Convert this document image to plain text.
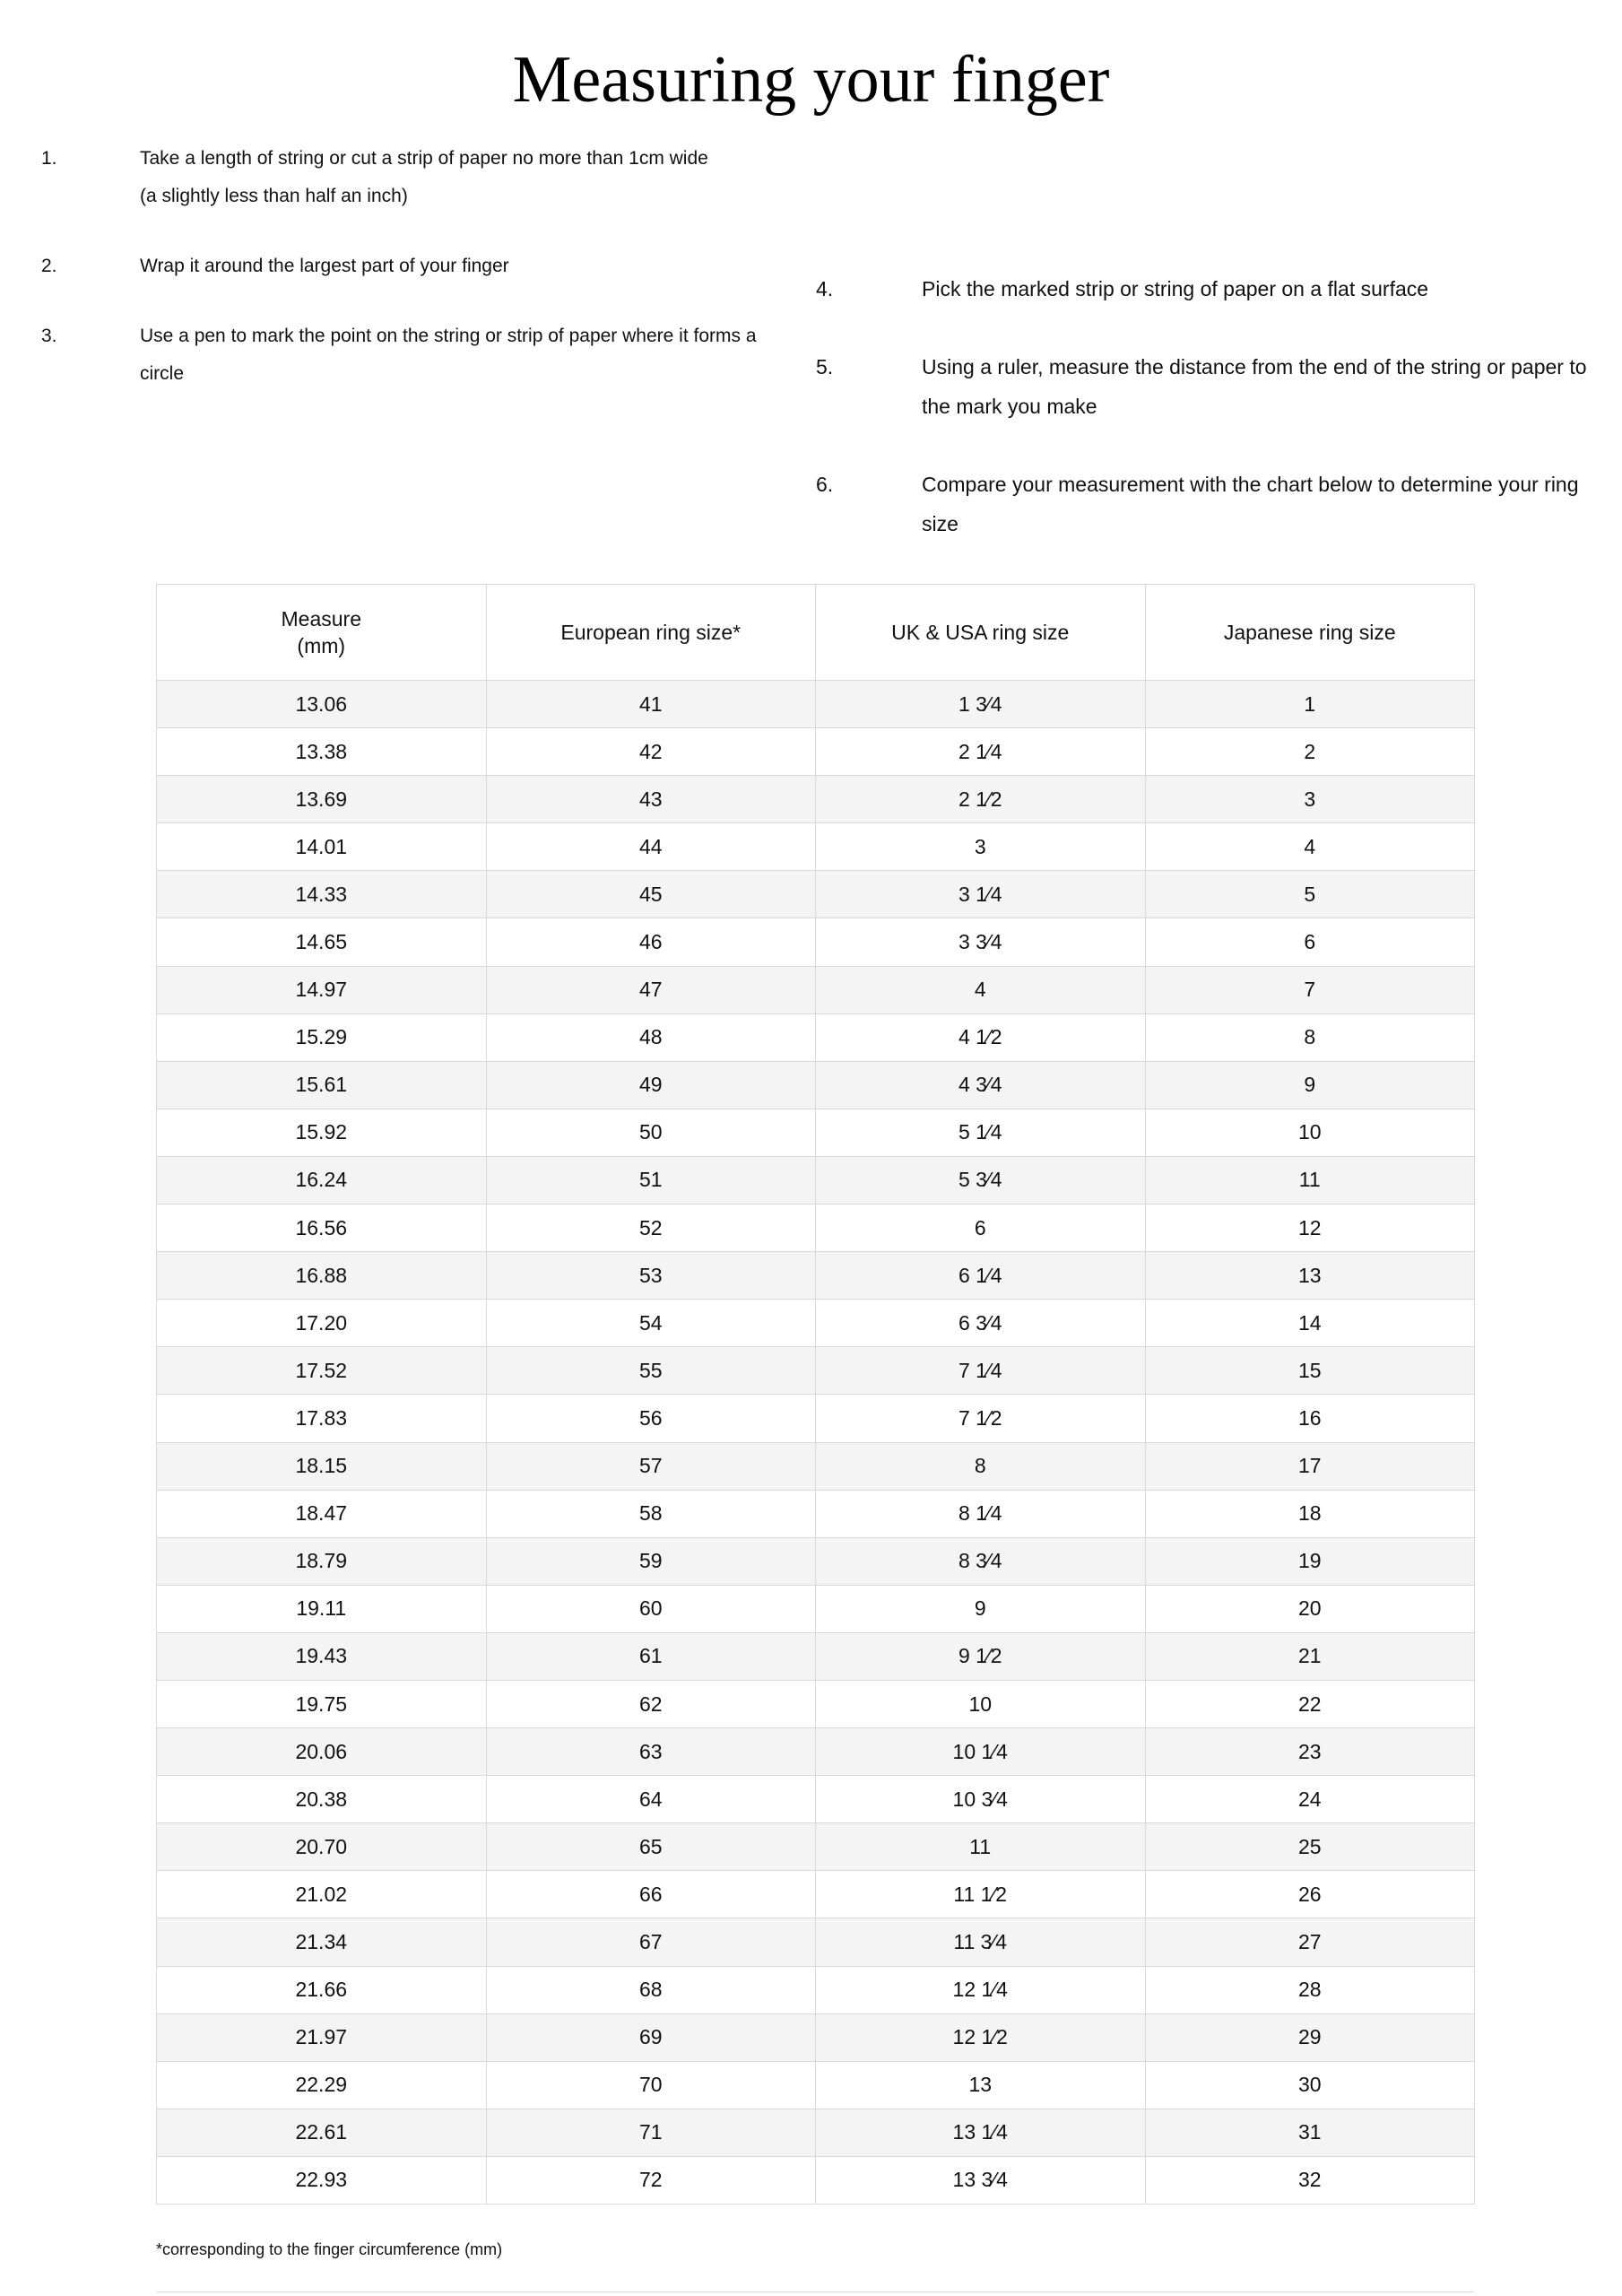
Measuring your finger
1.	Take a length of string or cut a strip of paper no more than 1cm wide
(a slightly less than half an inch)
2.	Wrap it around the largest part of your finger
3.	Use a pen to mark the point on the string or strip of paper where it forms a
circle
4.	Pick the marked strip or string of paper on a flat surface
5.	Using a ruler, measure the distance from the end of the string or paper to
the mark you make
6.	Compare your measurement with the chart below to determine your ring
size
Measure
(mm)	European ring size*	UK & USA ring size	Japanese ring size
13.06	41	1 3⁄4	1
13.38	42	2 1⁄4	2
13.69	43	2 1⁄2	3
14.01	44	3	4
14.33	45	3 1⁄4	5
14.65	46	3 3⁄4	6
14.97	47	4	7
15.29	48	4 1⁄2	8
15.61	49	4 3⁄4	9
15.92	50	5 1⁄4	10
16.24	51	5 3⁄4	11
16.56	52	6	12
16.88	53	6 1⁄4	13
17.20	54	6 3⁄4	14
17.52	55	7 1⁄4	15
17.83	56	7 1⁄2	16
18.15	57	8	17
18.47	58	8 1⁄4	18
18.79	59	8 3⁄4	19
19.11	60	9	20
19.43	61	9 1⁄2	21
19.75	62	10	22
20.06	63	10 1⁄4	23
20.38	64	10 3⁄4	24
20.70	65	11	25
21.02	66	11 1⁄2	26
21.34	67	11 3⁄4	27
21.66	68	12 1⁄4	28
21.97	69	12 1⁄2	29
22.29	70	13	30
22.61	71	13 1⁄4	31
22.93	72	13 3⁄4	32
*corresponding to the finger circumference (mm)
